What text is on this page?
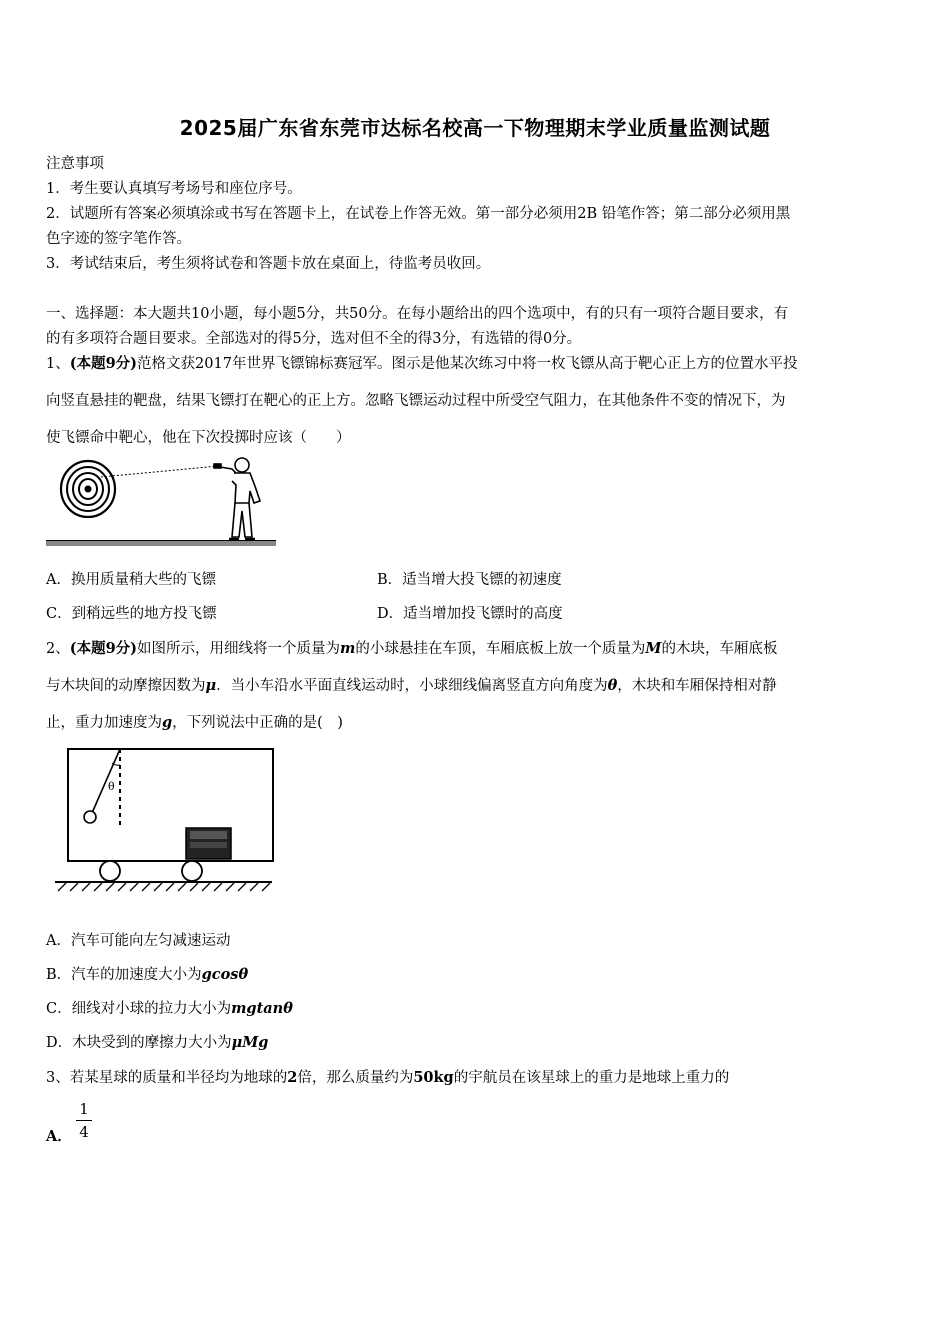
2025届广东省东莞市达标名校高一下物理期末学业质量监测试题
注意事项
1．考生要认真填写考场号和座位序号。
2．试题所有答案必须填涂或书写在答题卡上，在试卷上作答无效。第一部分必须用2B 铅笔作答；第二部分必须用黑
色字迹的签字笔作答。
3．考试结束后，考生须将试卷和答题卡放在桌面上，待监考员收回。
一、选择题：本大题共10小题，每小题5分，共50分。在每小题给出的四个选项中，有的只有一项符合题目要求，有
的有多项符合题目要求。全部选对的得5分，选对但不全的得3分，有选错的得0分。
1、(本题9分)范格文获2017年世界飞镖锦标赛冠军。图示是他某次练习中将一枚飞镖从高于靶心正上方的位置水平投
向竖直悬挂的靶盘，结果飞镖打在靶心的正上方。忽略飞镖运动过程中所受空气阻力，在其他条件不变的情况下，为
使飞镖命中靶心，他在下次投掷时应该（　　）
A．换用质量稍大些的飞镖	B．适当增大投飞镖的初速度
C．到稍远些的地方投飞镖	D．适当增加投飞镖时的高度
2、(本题9分)如图所示，用细线将一个质量为m的小球悬挂在车顶，车厢底板上放一个质量为M的木块，车厢底板
与木块间的动摩擦因数为μ．当小车沿水平面直线运动时，小球细线偏离竖直方向角度为θ，木块和车厢保持相对静
止，重力加速度为g，下列说法中正确的是(　)
θ
A．汽车可能向左匀减速运动
B．汽车的加速度大小为gcosθ
C．细线对小球的拉力大小为mgtanθ
D．木块受到的摩擦力大小为μMg
3、若某星球的质量和半径均为地球的2倍，那么质量约为50kg的宇航员在该星球上的重力是地球上重力的
A．
1
4
